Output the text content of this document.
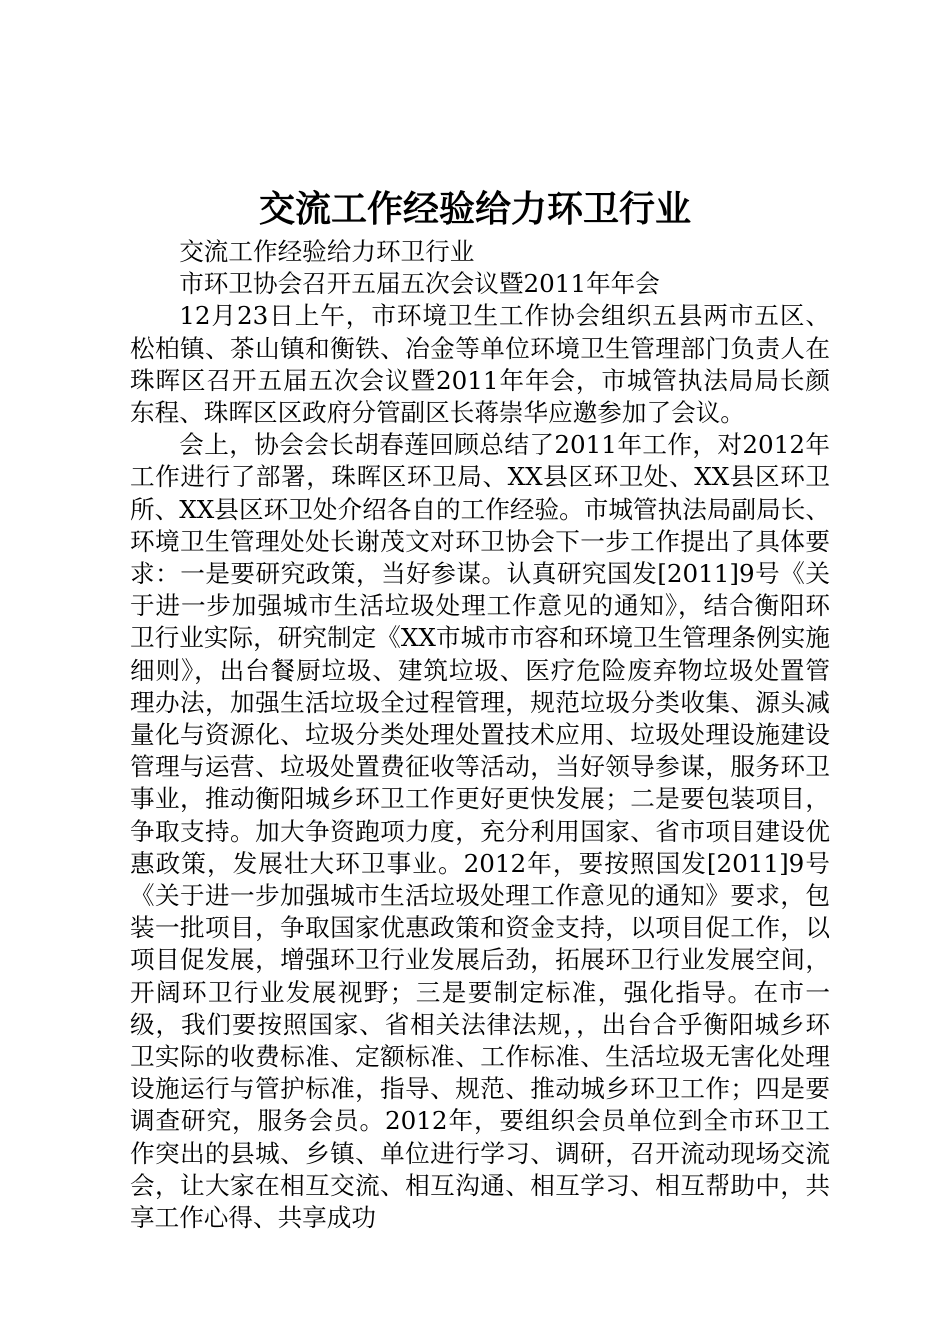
交流工作经验给力环卫行业

交流工作经验给力环卫行业

市环卫协会召开五届五次会议暨2011年年会

12月23日上午，市环境卫生工作协会组织五县两市五区、松柏镇、茶山镇和衡铁、冶金等单位环境卫生管理部门负责人在珠晖区召开五届五次会议暨2011年年会，市城管执法局局长颜东程、珠晖区区政府分管副区长蒋崇华应邀参加了会议。

会上，协会会长胡春莲回顾总结了2011年工作，对2012年工作进行了部署，珠晖区环卫局、XX县区环卫处、XX县区环卫所、XX县区环卫处介绍各自的工作经验。市城管执法局副局长、环境卫生管理处处长谢茂文对环卫协会下一步工作提出了具体要求：一是要研究政策，当好参谋。认真研究国发[2011]9号《关于进一步加强城市生活垃圾处理工作意见的通知》，结合衡阳环卫行业实际，研究制定《XX市城市市容和环境卫生管理条例实施细则》，出台餐厨垃圾、建筑垃圾、医疗危险废弃物垃圾处置管理办法，加强生活垃圾全过程管理，规范垃圾分类收集、源头减量化与资源化、垃圾分类处理处置技术应用、垃圾处理设施建设管理与运营、垃圾处置费征收等活动，当好领导参谋，服务环卫事业，推动衡阳城乡环卫工作更好更快发展；二是要包装项目，争取支持。加大争资跑项力度，充分利用国家、省市项目建设优惠政策，发展壮大环卫事业。2012年，要按照国发[2011]9号《关于进一步加强城市生活垃圾处理工作意见的通知》要求，包装一批项目，争取国家优惠政策和资金支持，以项目促工作，以项目促发展，增强环卫行业发展后劲，拓展环卫行业发展空间，开阔环卫行业发展视野；三是要制定标准，强化指导。在市一级，我们要按照国家、省相关法律法规，，出台合乎衡阳城乡环卫实际的收费标准、定额标准、工作标准、生活垃圾无害化处理设施运行与管护标准，指导、规范、推动城乡环卫工作；四是要调查研究，服务会员。2012年，要组织会员单位到全市环卫工作突出的县城、乡镇、单位进行学习、调研，召开流动现场交流会，让大家在相互交流、相互沟通、相互学习、相互帮助中，共享工作心得、共享成功
